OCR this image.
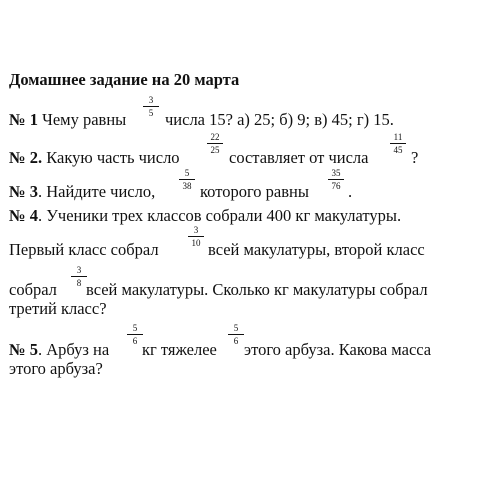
Домашнее задание на 20 марта
№ 1 Чему равны
3
5 числа 15? а) 25; б) 9; в) 45; г) 15.
№ 2. Какую часть число
22
25 составляет от числа
11
45 ?
№ 3. Найдите число,
5
38 которого равны
35
76 .
№ 4. Ученики трех классов собрали 400 кг макулатуры.
Первый класс собрал
3
10 всей макулатуры, второй класс
собрал
3
8 всей макулатуры. Сколько кг макулатуры собрал
третий класс?
№ 5. Арбуз на
5
6 кг тяжелее
5
6 этого арбуза. Какова масса
этого арбуза?
